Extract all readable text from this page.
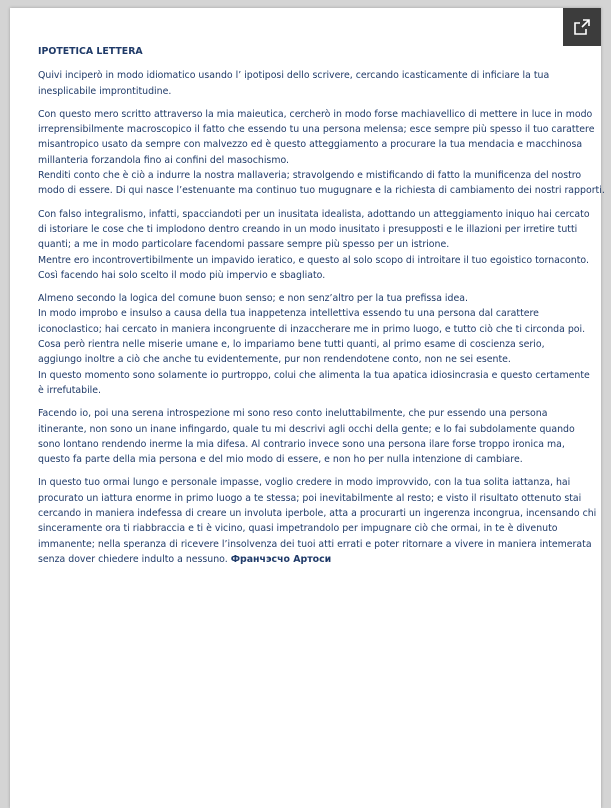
IPOTETICA LETTERA
Quivi inciperò in modo idiomatico usando l’ ipotiposi dello scrivere, cercando icasticamente di inficiare la tua
inesplicabile improntitudine.
Con questo mero scritto attraverso la mia maieutica, cercherò in modo forse machiavellico di mettere in luce in modo
irreprensibilmente macroscopico il fatto che essendo tu una persona melensa; esce sempre più spesso il tuo carattere
misantropico usato da sempre con malvezzo ed è questo atteggiamento a procurare la tua mendacia e macchinosa
millanteria forzandola fino ai confini del masochismo.
Renditi conto che è ciò a indurre la nostra mallaveria; stravolgendo e mistificando di fatto la munificenza del nostro
modo di essere. Di qui nasce l’estenuante ma continuo tuo mugugnare e la richiesta di cambiamento dei nostri rapporti.
Con falso integralismo, infatti, spacciandoti per un inusitata idealista, adottando un atteggiamento iniquo hai cercato
di istoriare le cose che ti implodono dentro creando in un modo inusitato i presupposti e le illazioni per irretire tutti
quanti; a me in modo particolare facendomi passare sempre più spesso per un istrione.
Mentre ero incontrovertibilmente un impavido ieratico, e questo al solo scopo di introitare il tuo egoistico tornaconto.
Così facendo hai solo scelto il modo più impervio e sbagliato.
Almeno secondo la logica del comune buon senso; e non senz’altro per la tua prefissa idea.
In modo improbo e insulso a causa della tua inappetenza intellettiva essendo tu una persona dal carattere
iconoclastico; hai cercato in maniera incongruente di inzaccherare me in primo luogo, e tutto ciò che ti circonda poi.
Cosa però rientra nelle miserie umane e, lo impariamo bene tutti quanti, al primo esame di coscienza serio,
aggiungo inoltre a ciò che anche tu evidentemente, pur non rendendotene conto, non ne sei esente.
In questo momento sono solamente io purtroppo, colui che alimenta la tua apatica idiosincrasia e questo certamente
è irrefutabile.
Facendo io, poi una serena introspezione mi sono reso conto ineluttabilmente, che pur essendo una persona
itinerante, non sono un inane infingardo, quale tu mi descrivi agli occhi della gente; e lo fai subdolamente quando
sono lontano rendendo inerme la mia difesa. Al contrario invece sono una persona ilare forse troppo ironica ma,
questo fa parte della mia persona e del mio modo di essere, e non ho per nulla intenzione di cambiare.
In questo tuo ormai lungo e personale impasse, voglio credere in modo improvvido, con la tua solita iattanza, hai
procurato un iattura enorme in primo luogo a te stessa; poi inevitabilmente al resto; e visto il risultato ottenuto stai
cercando in maniera indefessa di creare un involuta iperbole, atta a procurarti un ingerenza incongrua, incensando chi
sinceramente ora ti riabbraccia e ti è vicino, quasi impetrandolo per impugnare ciò che ormai, in te è divenuto
immanente; nella speranza di ricevere l’insolvenza dei tuoi atti errati e poter ritornare a vivere in maniera intemerata
senza dover chiedere indulto a nessuno. Франчэсчо Артоси
